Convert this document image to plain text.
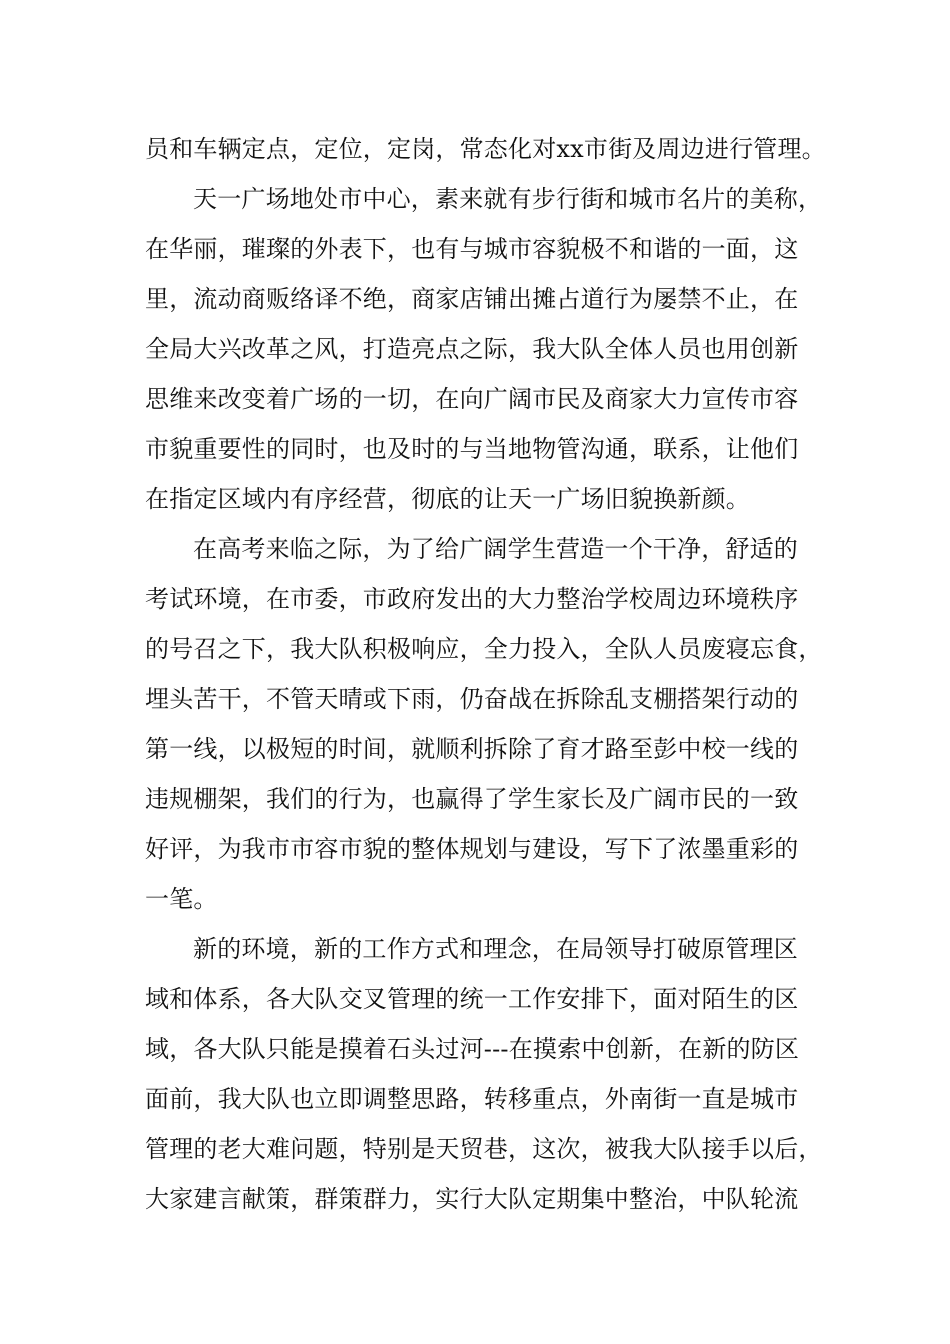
员和车辆定点，定位，定岗，常态化对xx市街及周边进行管理。
天一广场地处市中心，素来就有步行街和城市名片的美称，
在华丽，璀璨的外表下，也有与城市容貌极不和谐的一面，这
里，流动商贩络译不绝，商家店铺出摊占道行为屡禁不止，在
全局大兴改革之风，打造亮点之际，我大队全体人员也用创新
思维来改变着广场的一切，在向广阔市民及商家大力宣传市容
市貌重要性的同时，也及时的与当地物管沟通，联系，让他们
在指定区域内有序经营，彻底的让天一广场旧貌换新颜。
在高考来临之际，为了给广阔学生营造一个干净，舒适的
考试环境，在市委，市政府发出的大力整治学校周边环境秩序
的号召之下，我大队积极响应，全力投入，全队人员废寝忘食，
埋头苦干，不管天晴或下雨，仍奋战在拆除乱支棚搭架行动的
第一线，以极短的时间，就顺利拆除了育才路至彭中校一线的
违规棚架，我们的行为，也赢得了学生家长及广阔市民的一致
好评，为我市市容市貌的整体规划与建设，写下了浓墨重彩的
一笔。
新的环境，新的工作方式和理念，在局领导打破原管理区
域和体系，各大队交叉管理的统一工作安排下，面对陌生的区
域，各大队只能是摸着石头过河---在摸索中创新，在新的防区
面前，我大队也立即调整思路，转移重点，外南街一直是城市
管理的老大难问题，特别是天贸巷，这次，被我大队接手以后，
大家建言献策，群策群力，实行大队定期集中整治，中队轮流
